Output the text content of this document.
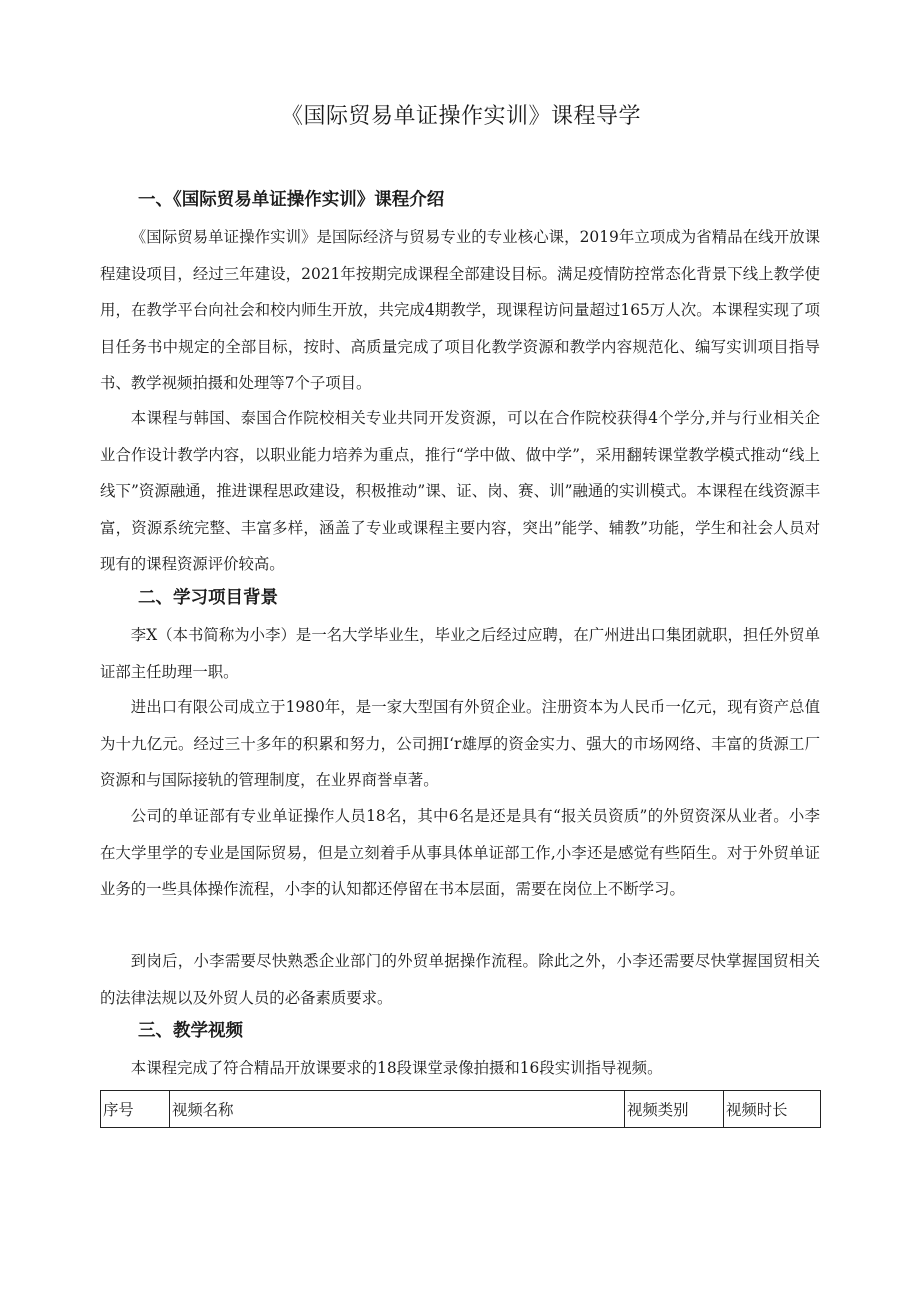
《国际贸易单证操作实训》课程导学
一、《国际贸易单证操作实训》课程介绍

《国际贸易单证操作实训》是国际经济与贸易专业的专业核心课，2019年立项成为省精品在线开放课程建设项目，经过三年建设，2021年按期完成课程全部建设目标。满足疫情防控常态化背景下线上教学使用，在教学平台向社会和校内师生开放，共完成4期教学，现课程访问量超过165万人次。本课程实现了项目任务书中规定的全部目标，按时、高质量完成了项目化教学资源和教学内容规范化、编写实训项目指导书、教学视频拍摄和处理等7个子项目。

本课程与韩国、泰国合作院校相关专业共同开发资源，可以在合作院校获得4个学分,并与行业相关企业合作设计教学内容，以职业能力培养为重点，推行“学中做、做中学”，采用翻转课堂教学模式推动“线上线下”资源融通，推进课程思政建设，积极推动”课、证、岗、赛、训”融通的实训模式。本课程在线资源丰富，资源系统完整、丰富多样，涵盖了专业或课程主要内容，突出”能学、辅教”功能，学生和社会人员对现有的课程资源评价较高。

二、学习项目背景

李X（本书简称为小李）是一名大学毕业生，毕业之后经过应聘，在广州进出口集团就职，担任外贸单证部主任助理一职。

进出口有限公司成立于1980年，是一家大型国有外贸企业。注册资本为人民币一亿元，现有资产总值为十九亿元。经过三十多年的积累和努力，公司拥I‘r雄厚的资金实力、强大的市场网络、丰富的货源工厂资源和与国际接轨的管理制度，在业界商誉卓著。

公司的单证部有专业单证操作人员18名，其中6名是还是具有“报关员资质”的外贸资深从业者。小李在大学里学的专业是国际贸易，但是立刻着手从事具体单证部工作,小李还是感觉有些陌生。对于外贸单证业务的一些具体操作流程，小李的认知都还停留在书本层面，需要在岗位上不断学习。

到岗后，小李需要尽快熟悉企业部门的外贸单据操作流程。除此之外，小李还需要尽快掌握国贸相关的法律法规以及外贸人员的必备素质要求。

三、教学视频

本课程完成了符合精品开放课要求的18段课堂录像拍摄和16段实训指导视频。

序号	视频名称	视频类别	视频时长
